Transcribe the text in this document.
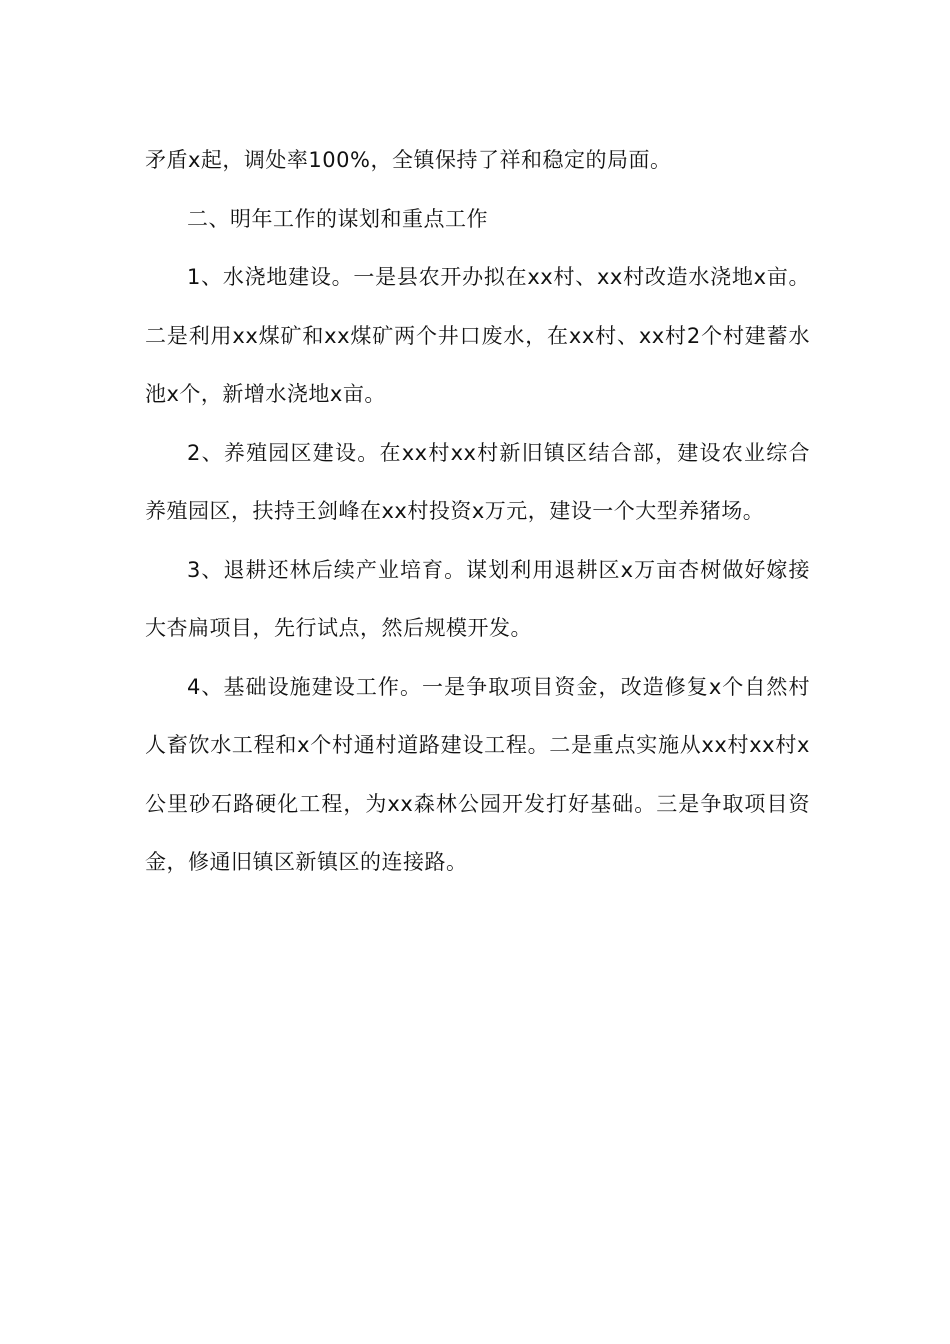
矛盾x起，调处率100%，全镇保持了祥和稳定的局面。

二、明年工作的谋划和重点工作

1、水浇地建设。一是县农开办拟在xx村、xx村改造水浇地x亩。二是利用xx煤矿和xx煤矿两个井口废水，在xx村、xx村2个村建蓄水池x个，新增水浇地x亩。

2、养殖园区建设。在xx村xx村新旧镇区结合部，建设农业综合养殖园区，扶持王剑峰在xx村投资x万元，建设一个大型养猪场。

3、退耕还林后续产业培育。谋划利用退耕区x万亩杏树做好嫁接大杏扁项目，先行试点，然后规模开发。

4、基础设施建设工作。一是争取项目资金，改造修复x个自然村人畜饮水工程和x个村通村道路建设工程。二是重点实施从xx村xx村x公里砂石路硬化工程，为xx森林公园开发打好基础。三是争取项目资金，修通旧镇区新镇区的连接路。
